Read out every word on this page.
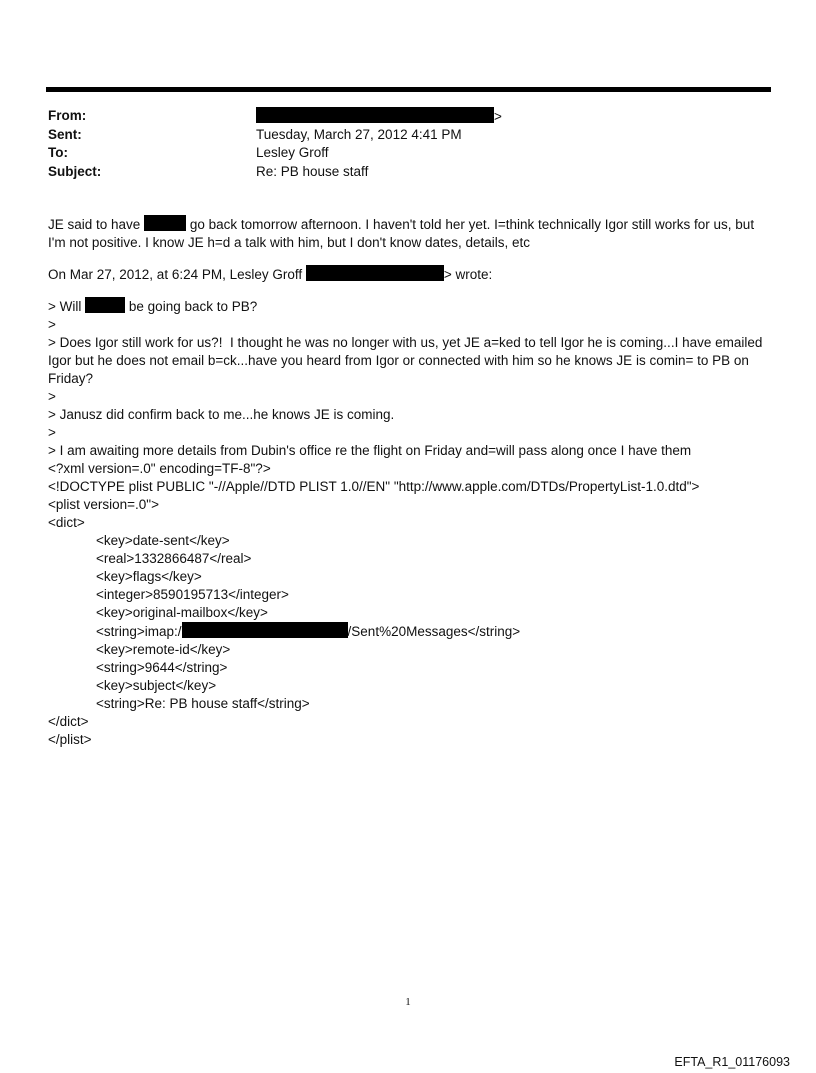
From:	>
Sent:	Tuesday, March 27, 2012 4:41 PM
To:	Lesley Groff
Subject:	Re: PB house staff
JE said to have	go back tomorrow afternoon. I haven't told her yet. I=think technically Igor still works for us, but
I'm not positive. I know JE h=d a talk with him, but I don't know dates, details, etc
On Mar 27, 2012, at 6:24 PM, Lesley Groff	> wrote:
> Will	be going back to PB?
>
> Does Igor still work for us?!  I thought he was no longer with us, yet JE a=ked to tell Igor he is coming...I have emailed
Igor but he does not email b=ck...have you heard from Igor or connected with him so he knows JE is comin= to PB on
Friday?
>
> Janusz did confirm back to me...he knows JE is coming.
>
> I am awaiting more details from Dubin's office re the flight on Friday and=will pass along once I have them
<?xml version=.0" encoding=TF-8"?>
<!DOCTYPE plist PUBLIC "-//Apple//DTD PLIST 1.0//EN" "http://www.apple.com/DTDs/PropertyList-1.0.dtd">
<plist version=.0">
<dict>
<key>date-sent</key>
<real>1332866487</real>
<key>flags</key>
<integer>8590195713</integer>
<key>original-mailbox</key>
<string>imap:/	/Sent%20Messages</string>
<key>remote-id</key>
<string>9644</string>
<key>subject</key>
<string>Re: PB house staff</string>
</dict>
</plist>
1
EFTA_R1_01176093
